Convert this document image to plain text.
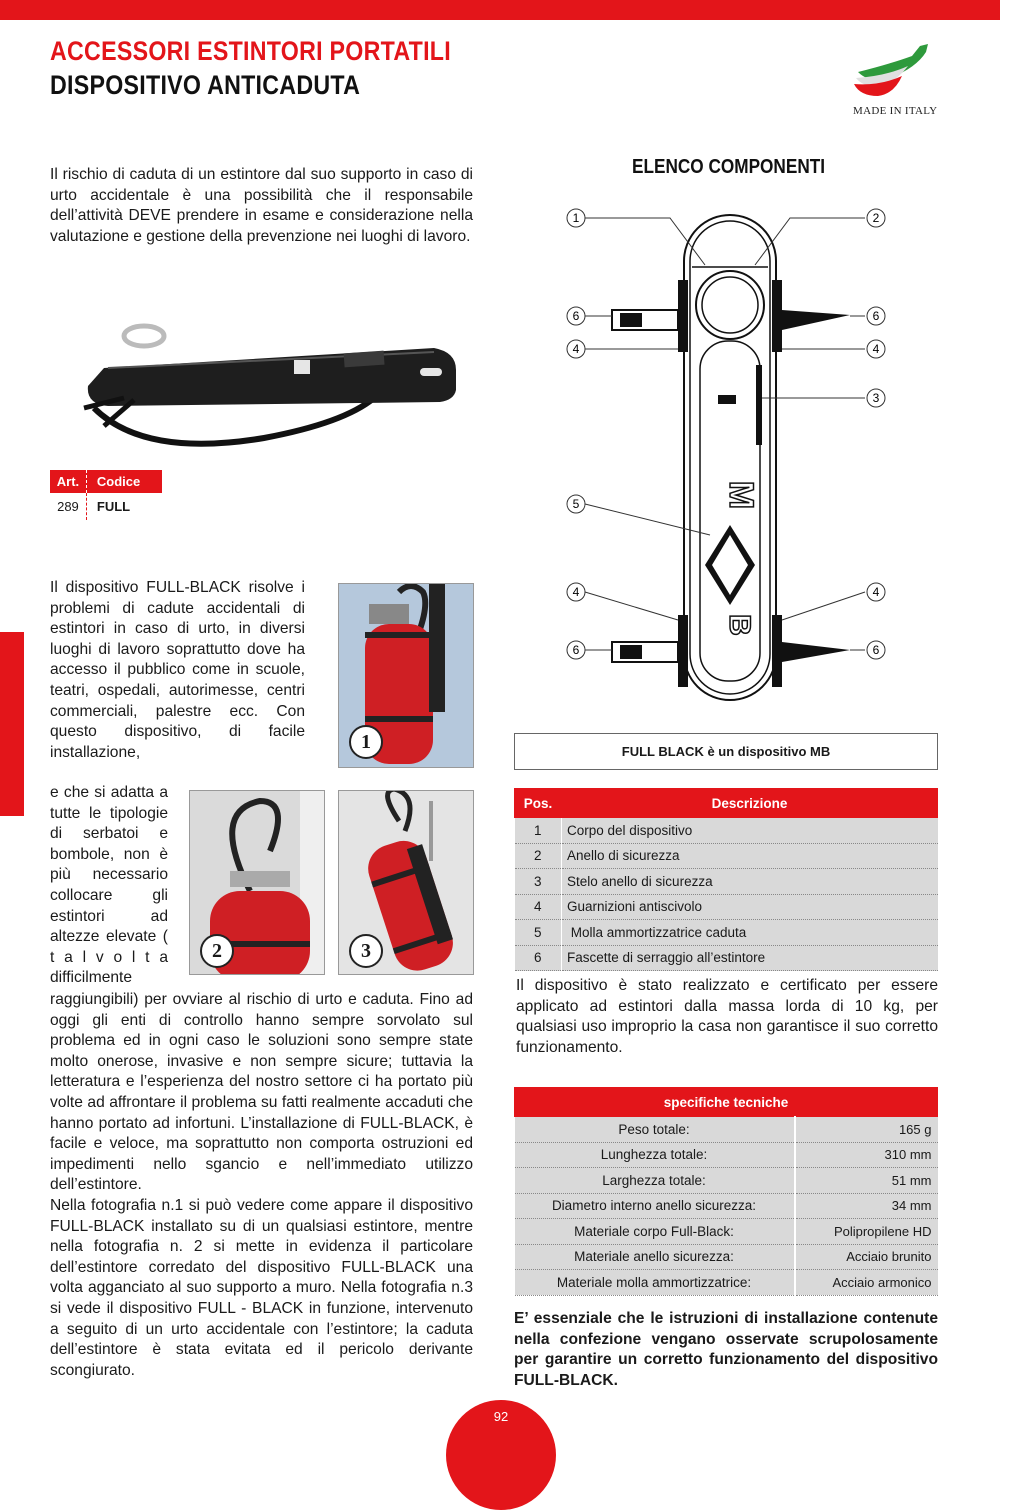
ACCESSORI ESTINTORI PORTATILI
DISPOSITIVO ANTICADUTA
MADE IN ITALY
Il rischio di caduta di un estintore dal suo supporto in caso di urto accidentale è una possibilità che il responsabile dell’attività DEVE prendere in esame e considerazione nella valutazione e gestione della prevenzione nei luoghi di lavoro.
Art.	Codice
289	FULL
1
Il dispositivo FULL-BLACK risolve i problemi di cadute accidentali di estintori in caso di urto, in diversi luoghi di lavoro soprattutto dove ha accesso il pubblico come in scuole, teatri, ospedali, autorimesse, centri commerciali, palestre ecc. Con questo dispositivo, di facile installazione,
e che si adatta a tutte le tipologie di serbatoi e bombole, non è più necessario collocare gli estintori ad altezze elevate ( t a l v o l t a difficilmente
2	3
raggiungibili) per ovviare al rischio di urto e caduta. Fino ad oggi gli enti di controllo hanno sempre sorvolato sul problema ed in ogni caso le soluzioni sono sempre state molto onerose, invasive e non sempre sicure; tuttavia la letteratura e l’esperienza del nostro settore ci ha portato più volte ad affrontare il problema su fatti realmente accaduti che hanno portato ad infortuni. L’installazione di FULL-BLACK, è facile e veloce, ma soprattutto non comporta ostruzioni ed impedimenti nello sgancio e nell’immediato utilizzo dell’estintore.
Nella fotografia n.1 si può vedere come appare il dispositivo FULL-BLACK installato su di un qualsiasi estintore, mentre nella fotografia n. 2 si mette in evidenza il particolare dell’estintore corredato del dispositivo FULL-BLACK una volta agganciato al suo supporto a muro. Nella fotografia n.3 si vede il dispositivo FULL - BLACK in funzione, intervenuto a seguito di un urto accidentale con l’estintore; la caduta dell’estintore è stata evitata ed il pericolo derivante scongiurato.
ELENCO COMPONENTI
M
B
1	2
6	6
4	4
3
5
4	4
6	6
FULL BLACK è un dispositivo MB
Pos.	Descrizione
1	Corpo del dispositivo
2	Anello di sicurezza
3	Stelo anello di sicurezza
4	Guarnizioni antiscivolo
5	Molla ammortizzatrice caduta
6	Fascette di serraggio all’estintore
Il dispositivo è stato realizzato e certificato per essere applicato ad estintori dalla massa lorda di 10 kg, per qualsiasi uso improprio la casa non garantisce il suo corretto funzionamento.
specifiche tecniche	
Peso totale:	165 g
Lunghezza totale:	310 mm
Larghezza totale:	51 mm
Diametro interno anello sicurezza:	34 mm
Materiale corpo Full-Black:	Polipropilene HD
Materiale anello sicurezza:	Acciaio brunito
Materiale molla ammortizzatrice:	Acciaio armonico
E’ essenziale che le istruzioni di installazione contenute nella confezione vengano osservate scrupolosamente per garantire un corretto funzionamento del dispositivo FULL-BLACK.
92
